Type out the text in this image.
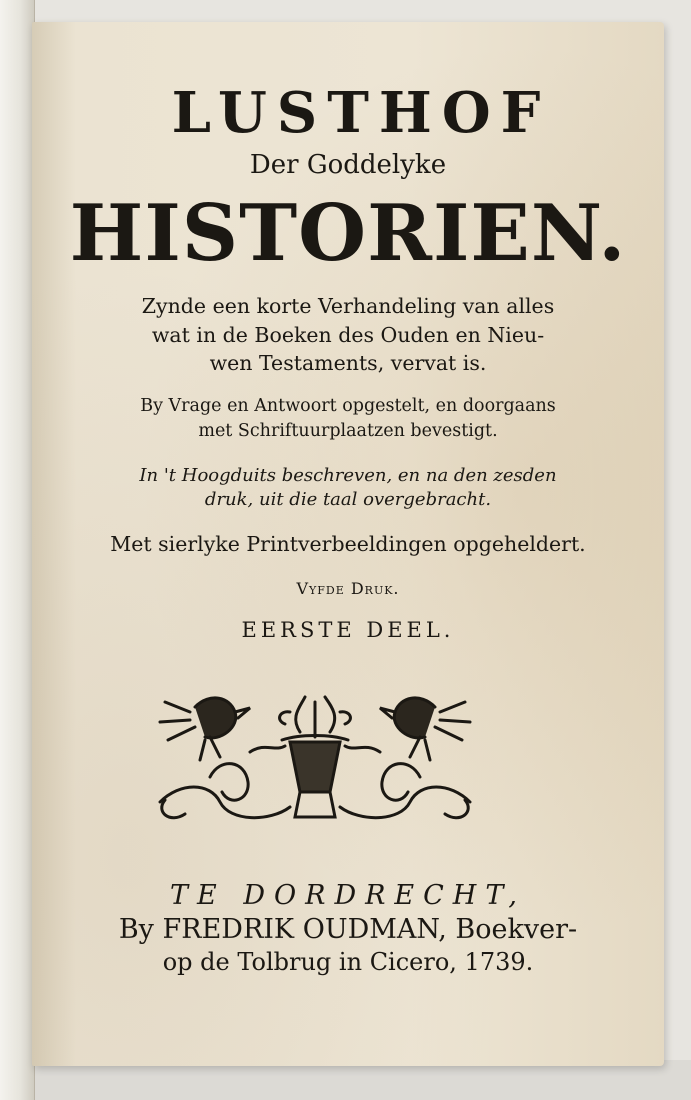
LUSTHOF
Der Goddelyke
HISTORIEN.
Zynde een korte Verhandeling van alles
wat in de Boeken des Ouden en Nieu-
wen Testaments, vervat is.
By Vrage en Antwoort opgestelt, en doorgaans
met Schriftuurplaatzen bevestigt.
In 't Hoogduits beschreven, en na den zesden
druk, uit die taal overgebracht.
Met sierlyke Printverbeeldingen opgeheldert.
Vyfde Druk.
EERSTE DEEL.
TE DORDRECHT,
By FREDRIK OUDMAN, Boekver-
op de Tolbrug in Cicero, 1739.
